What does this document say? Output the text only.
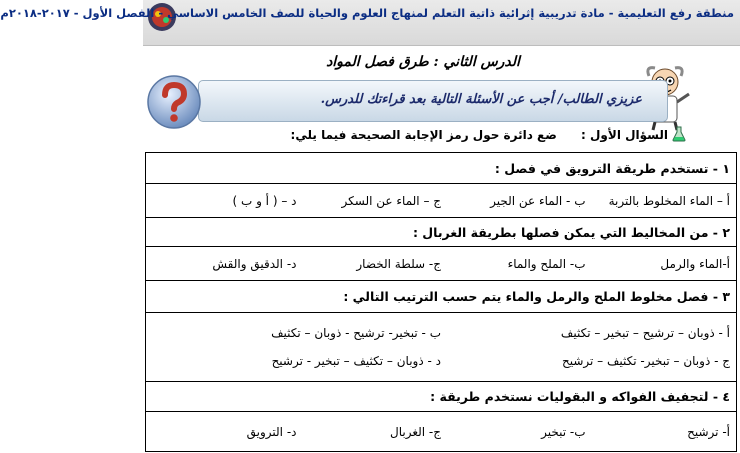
منطقة رفع التعليمية - مادة تدريبية إثرائية ذاتية التعلم لمنهاج العلوم والحياة للصف الخامس الاساسي - الفصل الأول - ٢٠١٧-٢٠١٨م
الدرس الثاني : طرق فصل المواد
عزيزي الطالب/ أجب عن الأسئلة التالية بعد قراءتك للدرس.
السؤال الأول : ضع دائرة حول رمز الإجابة الصحيحة فيما يلي:
١ - تستخدم طريقة الترويق في فصل :

أ – الماء المخلوط بالتربة
ب - الماء عن الجير
ج – الماء عن السكر
د – ( أ و ب )

٢ - من المخاليط التي يمكن فصلها بطريقة الغربال :

أ-الماء والرمل
ب- الملح والماء
ج- سلطة الخضار
د- الدقيق والقش

٣ - فصل مخلوط الملح والرمل والماء يتم حسب الترتيب التالي :

أ - ذوبان – ترشيح – تبخير – تكثيف
ب - تبخير- ترشيح - ذوبان – تكثيف
ج - ذوبان – تبخير- تكثيف – ترشيح
د - ذوبان – تكثيف – تبخير - ترشيح

٤ - لتجفيف الفواكه و البقوليات نستخدم طريقة :

أ- ترشيح
ب- تبخير
ج- الغربال
د- الترويق
